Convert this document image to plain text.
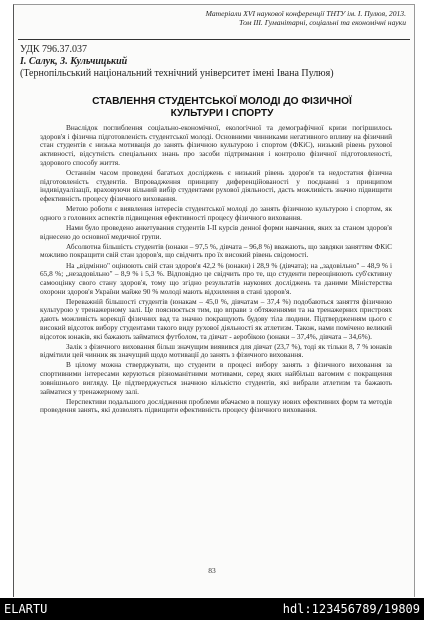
Матеріали XVI наукової конференції ТНТУ ім. І. Пулюя, 2013.
Том III. Гуманітарні, соціальні та економічні науки
УДК 796.37.037
І. Салук, З. Кульчицький
(Тернопільський національний технічний університет імені Івана Пулюя)
СТАВЛЕННЯ СТУДЕНТСЬКОЇ МОЛОДІ ДО ФІЗИЧНОЇ КУЛЬТУРИ І СПОРТУ

Внаслідок поглиблення соціально-економічної, екологічної та демографічної кризи погіршилось здоров'я і фізична підготовленість студентської молоді. Основними чинниками негативного впливу на фізичний стан студентів є низька мотивація до занять фізичною культурою і спортом (ФКіС), низький рівень рухової активності, відсутність спеціальних знань про засоби підтримання і контролю фізичної підготовленості, здорового способу життя.

Останнім часом проведені багатьох досліджень є низький рівень здоров'я та недостатня фізична підготовленість студентів. Впровадження принципу диференційованості у поєднанні з принципом індивідуалізації, враховуючи вільний вибір студентами рухової діяльності, дасть можливість значно підвищити ефективність процесу фізичного виховання.

Метою роботи є виявлення інтересів студентської молоді до занять фізичною культурою і спортом, як одного з головних аспектів підвищення ефективності процесу фізичного виховання.

Нами було проведено анкетування студентів I-II курсів денної форми навчання, яких за станом здоров'я віднесено до основної медичної групи.

Абсолютна більшість студентів (юнаки – 97,5 %, дівчата – 96,8 %) вважають, що завдяки заняттям ФКіС можливо покращити свій стан здоров'я, що свідчить про їх високий рівень свідомості.

На „відмінно" оцінюють свій стан здоров'я 42,2 % (юнаки) і 28,9 % (дівчата); на „задовільно" – 48,9 % і 65,8 %; „незадовільно" – 8,9 % і 5,3 %. Відповідно це свідчить про те, що студенти переоцінюють суб'єктивну самооцінку свого стану здоров'я, тому що згідно результатів наукових досліджень та даними Міністерства охорони здоров'я України майже 90 % молоді мають відхилення в стані здоров'я.

Переважній більшості студентів (юнакам – 45,0 %, дівчатам – 37,4 %) подобаються заняття фізичною культурою у тренажерному залі. Це пояснюється тим, що вправи з обтяженнями та на тренажерних пристроях дають можливість корекції фізичних вад та значно покращують будову тіла людини. Підтвердженням цього є високий відсоток вибору студентами такого виду рухової діяльності як атлетизм. Також, нами помічено великий відсоток юнаків, які бажають займатися футболом, та дівчат - аеробікою (юнаки – 37,4%, дівчата – 34,6%).

Залік з фізичного виховання більш значущим виявився для дівчат (23,7 %), тоді як тільки 8, 7 % юнаків відмітили цей чинник як значущий щодо мотивації до занять з фізичного виховання.

В цілому можна стверджувати, що студенти в процесі вибору занять з фізичного виховання за спортивними інтересами керуються різноманітними мотивами, серед яких найбільш вагомим є покращення зовнішнього вигляду. Це підтверджується значною кількістю студентів, які вибрали атлетизм та бажають займатися у тренажерному залі.

Перспективи подальшого дослідження проблеми вбачаємо в пошуку нових ефективних форм та методів проведення занять, які дозволять підвищити ефективність процесу фізичного виховання.

83
ELARTU	hdl:123456789/19809
